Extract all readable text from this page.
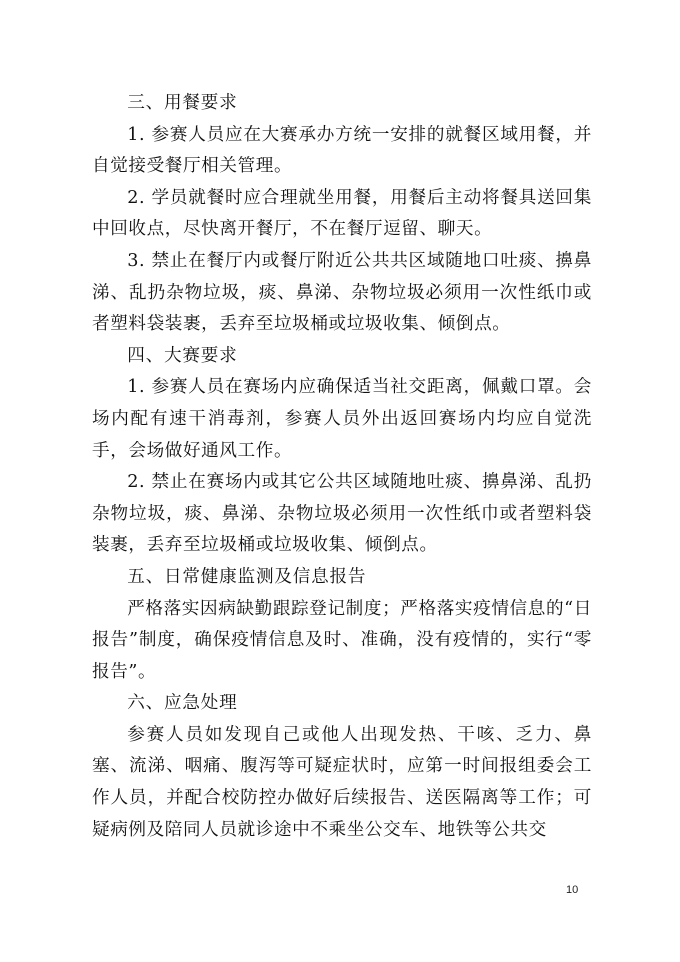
三、用餐要求

1. 参赛人员应在大赛承办方统一安排的就餐区域用餐，并自觉接受餐厅相关管理。

2. 学员就餐时应合理就坐用餐，用餐后主动将餐具送回集中回收点，尽快离开餐厅，不在餐厅逗留、聊天。

3. 禁止在餐厅内或餐厅附近公共共区域随地口吐痰、擤鼻涕、乱扔杂物垃圾，痰、鼻涕、杂物垃圾必须用一次性纸巾或者塑料袋装裹，丢弃至垃圾桶或垃圾收集、倾倒点。

四、大赛要求

1. 参赛人员在赛场内应确保适当社交距离，佩戴口罩。会场内配有速干消毒剂，参赛人员外出返回赛场内均应自觉洗手，会场做好通风工作。

2. 禁止在赛场内或其它公共区域随地吐痰、擤鼻涕、乱扔杂物垃圾，痰、鼻涕、杂物垃圾必须用一次性纸巾或者塑料袋装裹，丢弃至垃圾桶或垃圾收集、倾倒点。

五、日常健康监测及信息报告

严格落实因病缺勤跟踪登记制度；严格落实疫情信息的“日报告”制度，确保疫情信息及时、准确，没有疫情的，实行“零报告”。

六、应急处理

参赛人员如发现自己或他人出现发热、干咳、乏力、鼻塞、流涕、咽痛、腹泻等可疑症状时，应第一时间报组委会工作人员，并配合校防控办做好后续报告、送医隔离等工作；可疑病例及陪同人员就诊途中不乘坐公交车、地铁等公共交

10
